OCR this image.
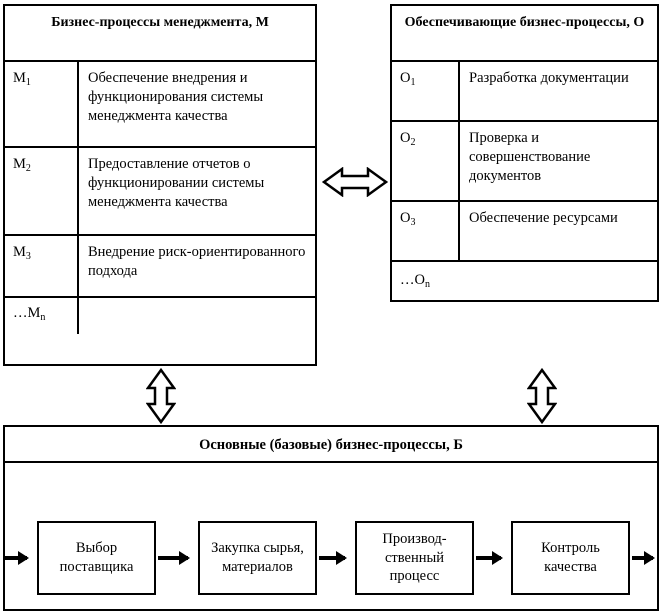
Бизнес-процессы менеджмента, М
$М_1$	Обеспечение внедрения и функционирования системы менеджмента качества
$М_2$	Предоставление отчетов о функционировании системы менеджмента качества
$М_3$	Внедрение риск-ориентированного подхода
$\dots М_n$
Обеспечивающие бизнес-процессы, О
$О_1$	Разработка документации
$О_2$	Проверка и совершенствование документов
$О_3$	Обеспечение ресурсами
$\dots О_n$
Основные (базовые) бизнес-процессы, Б
Выбор поставщика
Закупка сырья, материалов
Производ-ственный процесс
Контроль качества
